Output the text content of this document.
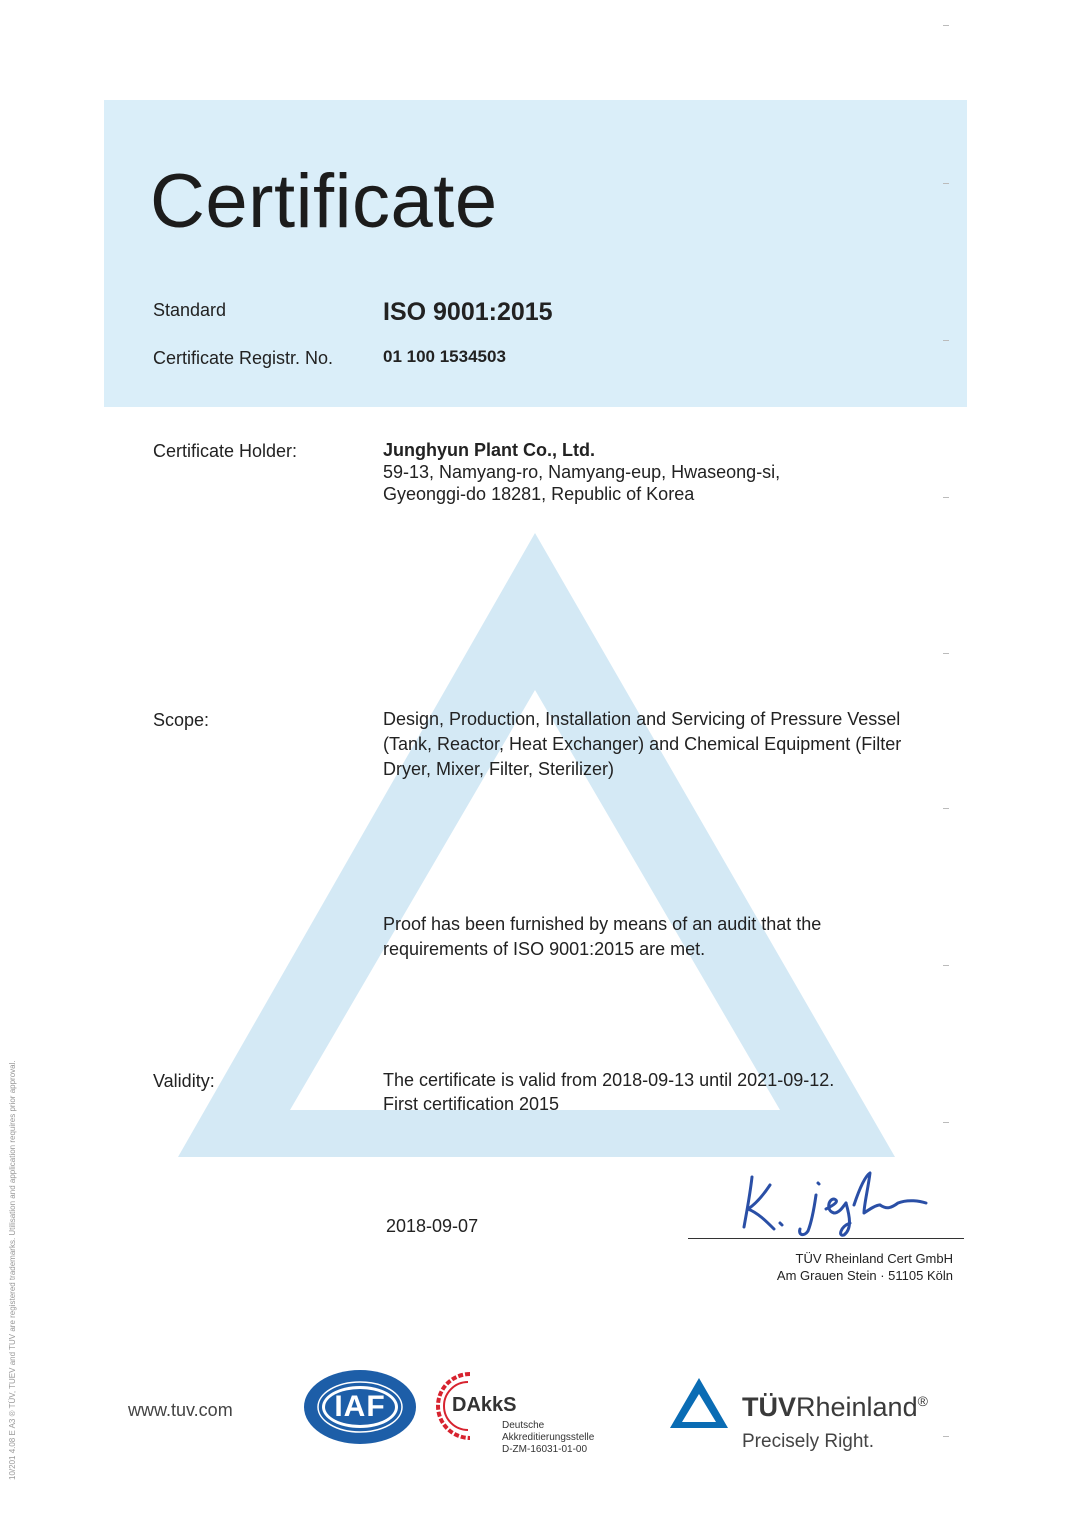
Certificate
Standard	ISO 9001:2015
Certificate Registr. No.	01 100 1534503
Certificate Holder:	Junghyun Plant Co., Ltd.
59-13, Namyang-ro, Namyang-eup, Hwaseong-si,
Gyeonggi-do 18281, Republic of Korea
Scope:	Design, Production, Installation and Servicing of Pressure Vessel
(Tank, Reactor, Heat Exchanger) and Chemical Equipment (Filter
Dryer, Mixer, Filter, Sterilizer)
Proof has been furnished by means of an audit that the
requirements of ISO 9001:2015 are met.
Validity:	The certificate is valid from 2018-09-13 until 2021-09-12.
First certification 2015
2018-09-07
TÜV Rheinland Cert GmbH
Am Grauen Stein · 51105 Köln
www.tuv.com	IAF	DAkkS
Deutsche
Akkreditierungsstelle
D-ZM-16031-01-00
TÜVRheinland®
Precisely Right.
10/201 4.08 E A3 ® TÜV, TUEV and TUV are registered trademarks. Utilisation and application requires prior approval.
